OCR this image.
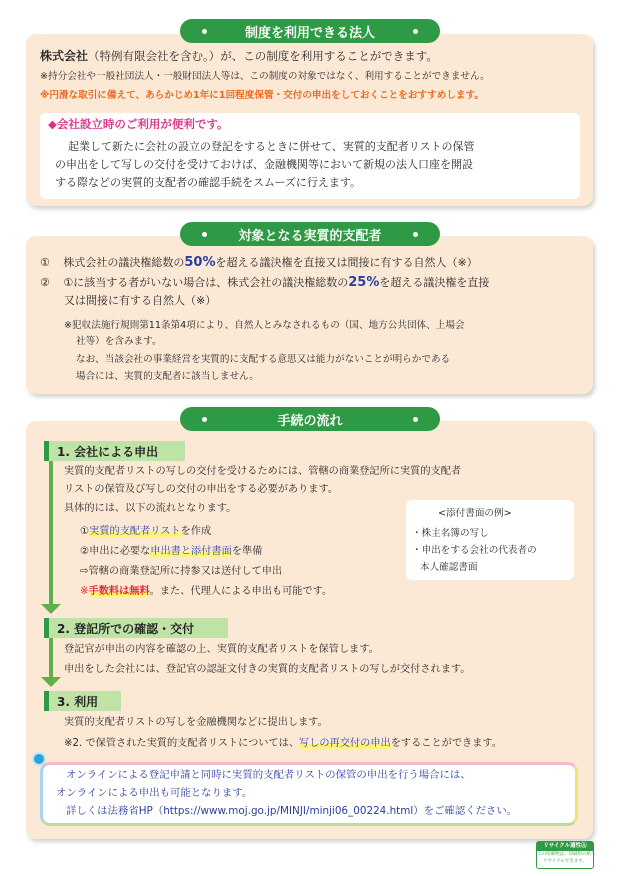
制度を利用できる法人
株式会社（特例有限会社を含む。）が、この制度を利用することができます。
※持分会社や一般社団法人・一般財団法人等は、この制度の対象ではなく、利用することができません。
※円滑な取引に備えて、あらかじめ1年に1回程度保管・交付の申出をしておくことをおすすめします。
◆会社設立時のご利用が便利です。
起業して新たに会社の設立の登記をするときに併せて、実質的支配者リストの保管
の申出をして写しの交付を受けておけば、金融機関等において新規の法人口座を開設
する際などの実質的支配者の確認手続をスムーズに行えます。
対象となる実質的支配者
① 株式会社の議決権総数の50%を超える議決権を直接又は間接に有する自然人（※）
② ①に該当する者がいない場合は、株式会社の議決権総数の25%を超える議決権を直接
又は間接に有する自然人（※）
※犯収法施行規則第11条第4項により、自然人とみなされるもの（国、地方公共団体、上場会
社等）を含みます。
なお、当該会社の事業経営を実質的に支配する意思又は能力がないことが明らかである
場合には、実質的支配者に該当しません。
手続の流れ
1. 会社による申出
実質的支配者リストの写しの交付を受けるためには、管轄の商業登記所に実質的支配者
リストの保管及び写しの交付の申出をする必要があります。
具体的には、以下の流れとなります。
①実質的支配者リストを作成
②申出に必要な申出書と添付書面を準備
⇨管轄の商業登記所に持参又は送付して申出
※手数料は無料。また、代理人による申出も可能です。
<添付書面の例>
・株主名簿の写し
・申出をする会社の代表者の
本人確認書面
2. 登記所での確認・交付
登記官が申出の内容を確認の上、実質的支配者リストを保管します。
申出をした会社には、登記官の認証文付きの実質的支配者リストの写しが交付されます。
3. 利用
実質的支配者リストの写しを金融機関などに提出します。
※2. で保管された実質的支配者リストについては、写しの再交付の申出をすることができます。
オンラインによる登記申請と同時に実質的支配者リストの保管の申出を行う場合には、
オンラインによる申出も可能となります。
詳しくは法務省HP（https://www.moj.go.jp/MINJI/minji06_00224.html）をご確認ください。
リサイクル適性Ⓐ
この印刷物は、印刷用の紙へ
リサイクルできます。
